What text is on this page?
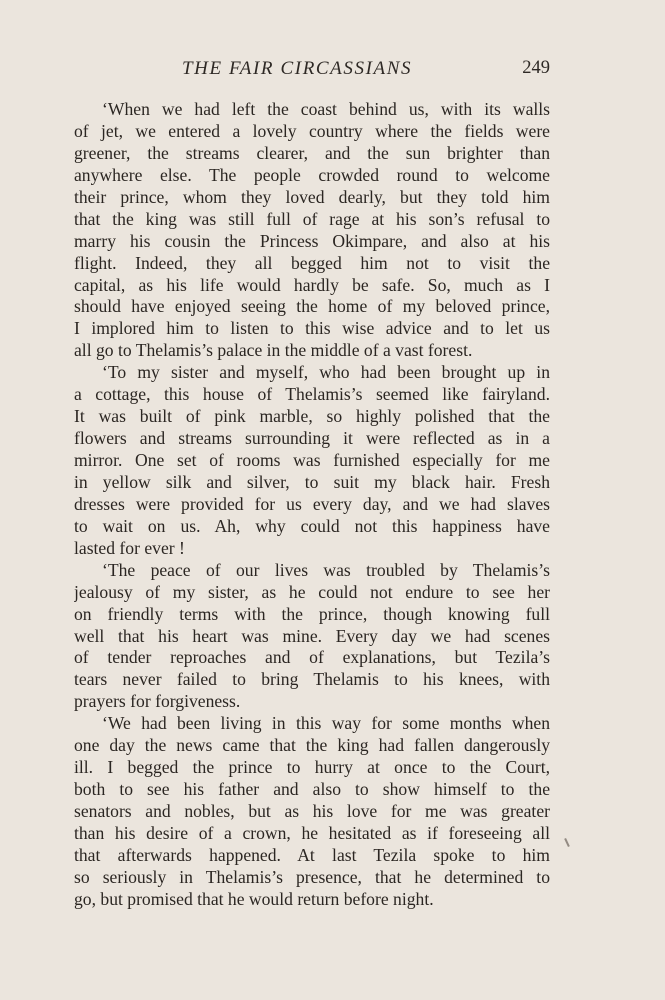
THE FAIR CIRCASSIANS	249
‘When we had left the coast behind us, with its walls
of jet, we entered a lovely country where the fields were
greener, the streams clearer, and the sun brighter than
anywhere else. The people crowded round to welcome
their prince, whom they loved dearly, but they told him
that the king was still full of rage at his son’s refusal to
marry his cousin the Princess Okimpare, and also at his
flight. Indeed, they all begged him not to visit the
capital, as his life would hardly be safe. So, much as I
should have enjoyed seeing the home of my beloved prince,
I implored him to listen to this wise advice and to let us
all go to Thelamis’s palace in the middle of a vast forest.
‘To my sister and myself, who had been brought up in
a cottage, this house of Thelamis’s seemed like fairyland.
It was built of pink marble, so highly polished that the
flowers and streams surrounding it were reflected as in a
mirror. One set of rooms was furnished especially for me
in yellow silk and silver, to suit my black hair. Fresh
dresses were provided for us every day, and we had slaves
to wait on us. Ah, why could not this happiness have
lasted for ever !
‘The peace of our lives was troubled by Thelamis’s
jealousy of my sister, as he could not endure to see her
on friendly terms with the prince, though knowing full
well that his heart was mine. Every day we had scenes
of tender reproaches and of explanations, but Tezila’s
tears never failed to bring Thelamis to his knees, with
prayers for forgiveness.
‘We had been living in this way for some months when
one day the news came that the king had fallen dangerously
ill. I begged the prince to hurry at once to the Court,
both to see his father and also to show himself to the
senators and nobles, but as his love for me was greater
than his desire of a crown, he hesitated as if foreseeing all
that afterwards happened. At last Tezila spoke to him
so seriously in Thelamis’s presence, that he determined to
go, but promised that he would return before night.
